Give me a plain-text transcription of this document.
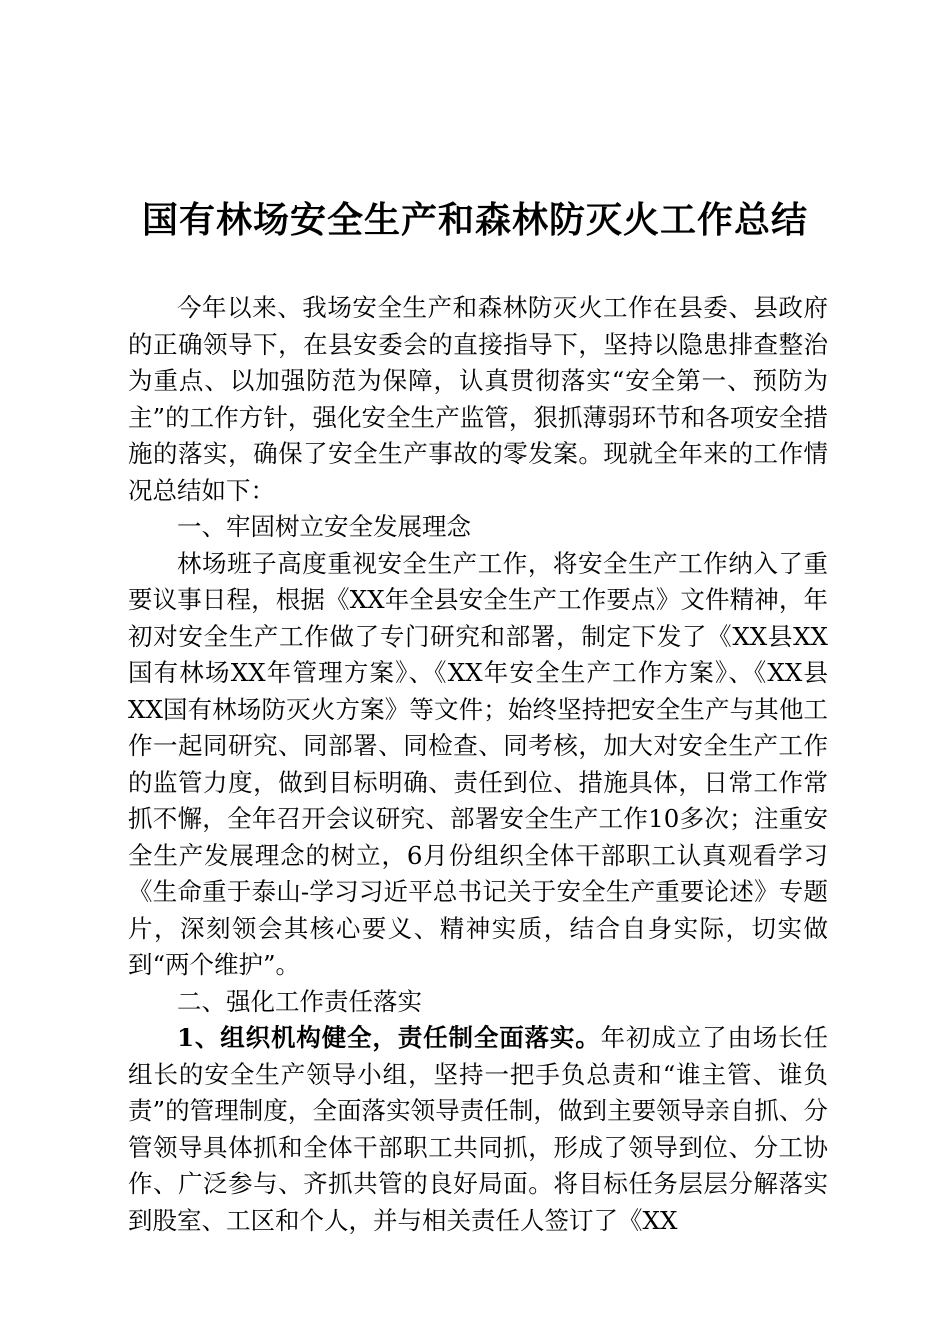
国有林场安全生产和森林防灭火工作总结

今年以来、我场安全生产和森林防灭火工作在县委、县政府的正确领导下，在县安委会的直接指导下，坚持以隐患排查整治为重点、以加强防范为保障，认真贯彻落实“安全第一、预防为主”的工作方针，强化安全生产监管，狠抓薄弱环节和各项安全措施的落实，确保了安全生产事故的零发案。现就全年来的工作情况总结如下：

一、牢固树立安全发展理念

林场班子高度重视安全生产工作，将安全生产工作纳入了重要议事日程，根据《XX年全县安全生产工作要点》文件精神，年初对安全生产工作做了专门研究和部署，制定下发了《XX县XX国有林场XX年管理方案》、《XX年安全生产工作方案》、《XX县XX国有林场防灭火方案》等文件；始终坚持把安全生产与其他工作一起同研究、同部署、同检查、同考核，加大对安全生产工作的监管力度，做到目标明确、责任到位、措施具体，日常工作常抓不懈，全年召开会议研究、部署安全生产工作10多次；注重安全生产发展理念的树立，6月份组织全体干部职工认真观看学习《生命重于泰山-学习习近平总书记关于安全生产重要论述》专题片，深刻领会其核心要义、精神实质，结合自身实际，切实做到“两个维护”。

二、强化工作责任落实

1、组织机构健全，责任制全面落实。年初成立了由场长任组长的安全生产领导小组，坚持一把手负总责和“谁主管、谁负责”的管理制度，全面落实领导责任制，做到主要领导亲自抓、分管领导具体抓和全体干部职工共同抓，形成了领导到位、分工协作、广泛参与、齐抓共管的良好局面。将目标任务层层分解落实到股室、工区和个人，并与相关责任人签订了《XX
